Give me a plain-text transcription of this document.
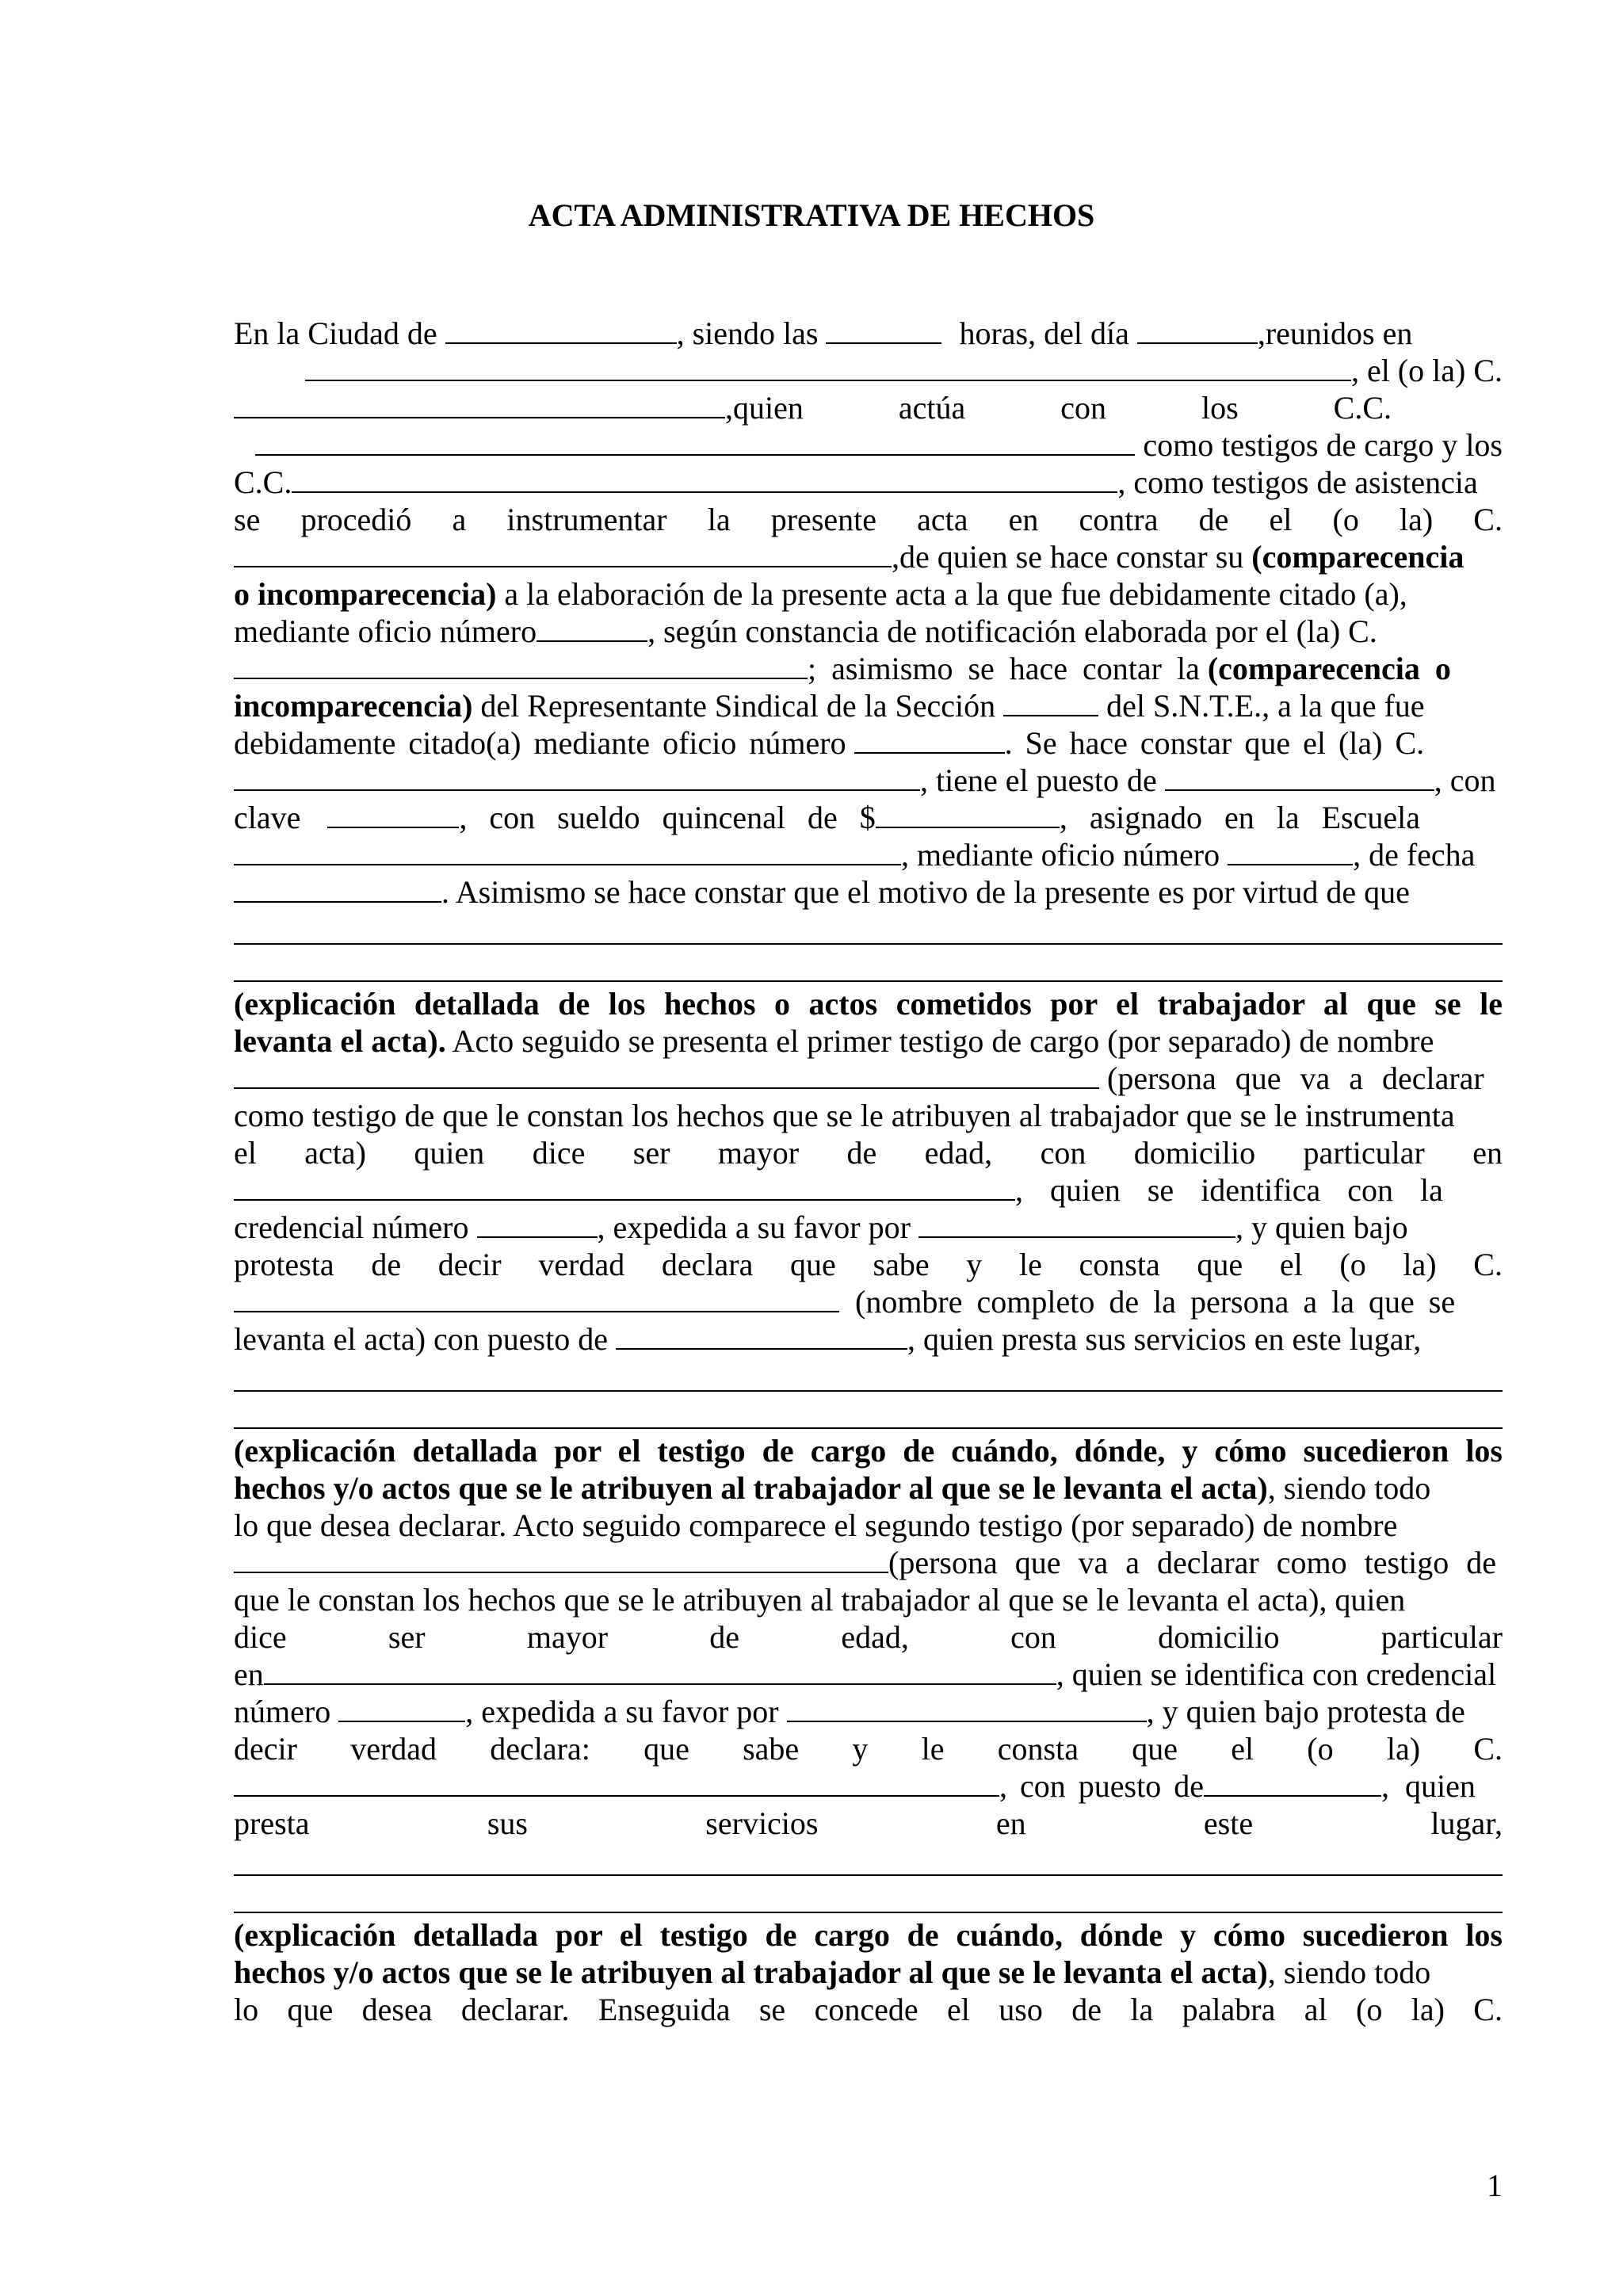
ACTA ADMINISTRATIVA DE HECHOS
En la Ciudad de	, siendo las	horas, del día	,reunidos en
, el (o la) C.
,quien actúa con los C.C.
como testigos de cargo y los
C.C.	, como testigos de asistencia
se procedió a instrumentar la presente acta en contra de el (o la) C.
,de quien se hace constar su (comparecencia
o incomparecencia) a la elaboración de la presente acta a la que fue debidamente citado (a),
mediante oficio número	, según constancia de notificación elaborada por el (la) C.
; asimismo se hace contar la (comparecencia o
incomparecencia) del Representante Sindical de la Sección	del S.N.T.E., a la que fue
debidamente citado(a) mediante oficio número	. Se hace constar que el (la) C.
, tiene el puesto de	, con
clave	, con sueldo quincenal de $	, asignado en la Escuela
, mediante oficio número	, de fecha
. Asimismo se hace constar que el motivo de la presente es por virtud de que
(explicación detallada de los hechos o actos cometidos por el trabajador al que se le
levanta el acta). Acto seguido se presenta el primer testigo de cargo (por separado) de nombre
(persona que va a declarar
como testigo de que le constan los hechos que se le atribuyen al trabajador que se le instrumenta
el acta) quien dice ser mayor de edad, con domicilio particular en
, quien se identifica con la
credencial número	, expedida a su favor por	, y quien bajo
protesta de decir verdad declara que sabe y le consta que el (o la) C.
(nombre completo de la persona a la que se
levanta el acta) con puesto de	, quien presta sus servicios en este lugar,
(explicación detallada por el testigo de cargo de cuándo, dónde, y cómo sucedieron los
hechos y/o actos que se le atribuyen al trabajador al que se le levanta el acta), siendo todo
lo que desea declarar. Acto seguido comparece el segundo testigo (por separado) de nombre
(persona que va a declarar como testigo de
que le constan los hechos que se le atribuyen al trabajador al que se le levanta el acta), quien
dice ser mayor de edad, con domicilio particular
en	, quien se identifica con credencial
número	, expedida a su favor por	, y quien bajo protesta de
decir verdad declara: que sabe y le consta que el (o la) C.
, con puesto de	, quien
presta sus servicios en este lugar,
(explicación detallada por el testigo de cargo de cuándo, dónde y cómo sucedieron los
hechos y/o actos que se le atribuyen al trabajador al que se le levanta el acta), siendo todo
lo que desea declarar. Enseguida se concede el uso de la palabra al (o la) C.
1
